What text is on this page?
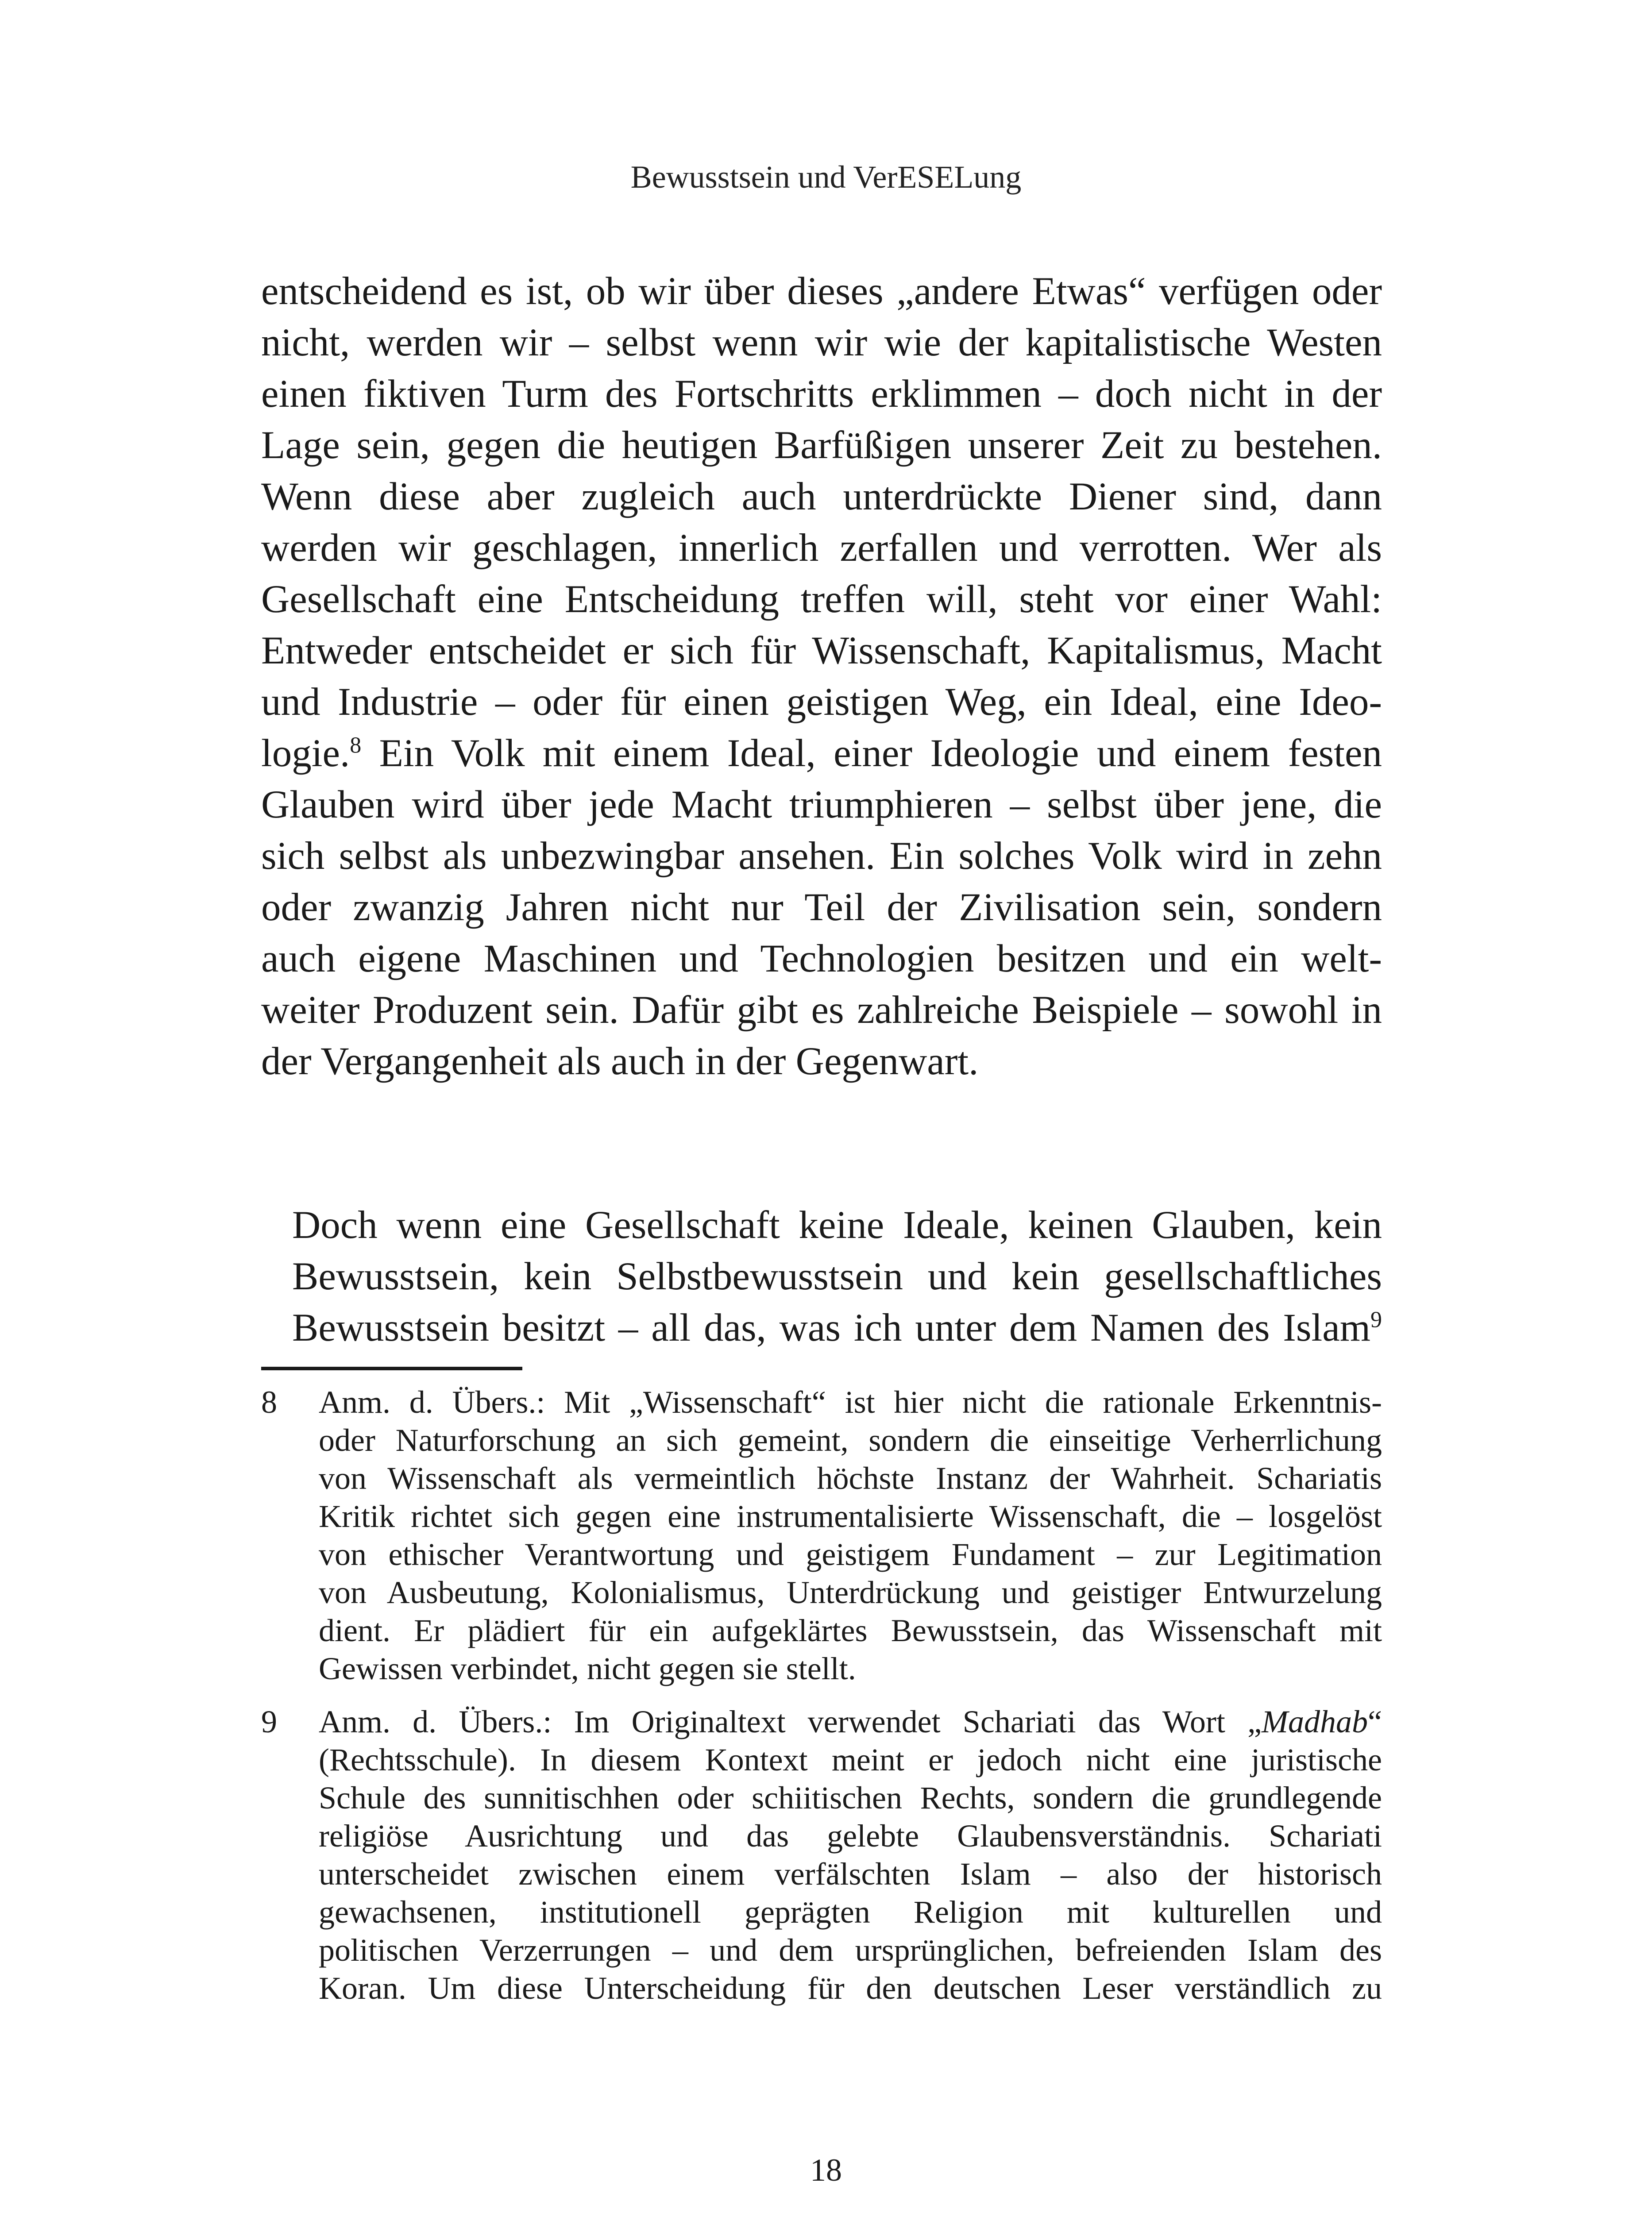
Bewusstsein und VerESELung
entscheidend es ist, ob wir über dieses „andere Etwas“ verfügen oder
nicht, werden wir – selbst wenn wir wie der kapitalistische Westen
einen fiktiven Turm des Fortschritts erklimmen – doch nicht in der
Lage sein, gegen die heutigen Barfüßigen unserer Zeit zu bestehen.
Wenn diese aber zugleich auch unterdrückte Diener sind, dann
werden wir geschlagen, innerlich zerfallen und verrotten. Wer als
Gesellschaft eine Entscheidung treffen will, steht vor einer Wahl:
Entweder entscheidet er sich für Wissenschaft, Kapitalismus, Macht
und Industrie – oder für einen geistigen Weg, ein Ideal, eine Ideo-
logie.$^8$ Ein Volk mit einem Ideal, einer Ideologie und einem festen
Glauben wird über jede Macht triumphieren – selbst über jene, die
sich selbst als unbezwingbar ansehen. Ein solches Volk wird in zehn
oder zwanzig Jahren nicht nur Teil der Zivilisation sein, sondern
auch eigene Maschinen und Technologien besitzen und ein welt-
weiter Produzent sein. Dafür gibt es zahlreiche Beispiele – sowohl in
der Vergangenheit als auch in der Gegenwart.
Doch wenn eine Gesellschaft keine Ideale, keinen Glauben, kein
Bewusstsein, kein Selbstbewusstsein und kein gesellschaftliches
Bewusstsein besitzt – all das, was ich unter dem Namen des Islam$^9$
8 Anm. d. Übers.: Mit „Wissenschaft“ ist hier nicht die rationale Erkenntnis-
oder Naturforschung an sich gemeint, sondern die einseitige Verherrlichung
von Wissenschaft als vermeintlich höchste Instanz der Wahrheit. Schariatis
Kritik richtet sich gegen eine instrumentalisierte Wissenschaft, die – losgelöst
von ethischer Verantwortung und geistigem Fundament – zur Legitimation
von Ausbeutung, Kolonialismus, Unterdrückung und geistiger Entwurzelung
dient. Er plädiert für ein aufgeklärtes Bewusstsein, das Wissenschaft mit
Gewissen verbindet, nicht gegen sie stellt.
9 Anm. d. Übers.: Im Originaltext verwendet Schariati das Wort „Madhab“
(Rechtsschule). In diesem Kontext meint er jedoch nicht eine juristische
Schule des sunnitischhen oder schiitischen Rechts, sondern die grundlegende
religiöse Ausrichtung und das gelebte Glaubensverständnis. Schariati
unterscheidet zwischen einem verfälschten Islam – also der historisch
gewachsenen, institutionell geprägten Religion mit kulturellen und
politischen Verzerrungen – und dem ursprünglichen, befreienden Islam des
Koran. Um diese Unterscheidung für den deutschen Leser verständlich zu
18
